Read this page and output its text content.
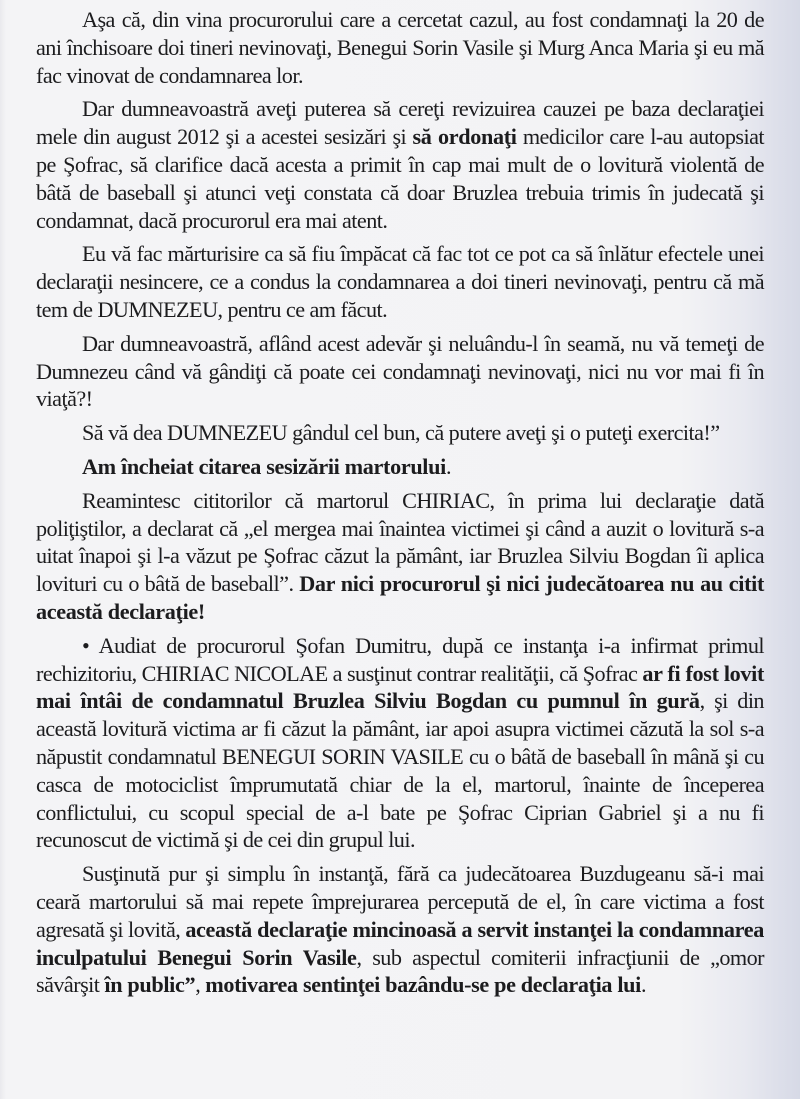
Aşa că, din vina procurorului care a cercetat cazul, au fost condamnaţi la 20 de ani închisoare doi tineri nevinovaţi, Benegui Sorin Vasile şi Murg Anca Maria şi eu mă fac vinovat de condamnarea lor.

Dar dumneavoastră aveţi puterea să cereţi revizuirea cauzei pe baza declaraţiei mele din august 2012 şi a acestei sesizări şi să ordonaţi medicilor care l-au autopsiat pe Şofrac, să clarifice dacă acesta a primit în cap mai mult de o lovitură violentă de bâtă de baseball şi atunci veţi constata că doar Bruzlea trebuia trimis în judecată şi condamnat, dacă procurorul era mai atent.

Eu vă fac mărturisire ca să fiu împăcat că fac tot ce pot ca să înlătur efectele unei declaraţii nesincere, ce a condus la condamnarea a doi tineri nevinovaţi, pentru că mă tem de DUMNEZEU, pentru ce am făcut.

Dar dumneavoastră, aflând acest adevăr şi neluându-l în seamă, nu vă temeţi de Dumnezeu când vă gândiţi că poate cei condamnaţi nevinovaţi, nici nu vor mai fi în viaţă?!

Să vă dea DUMNEZEU gândul cel bun, că putere aveţi şi o puteţi exercita!”

Am încheiat citarea sesizării martorului.

Reamintesc cititorilor că martorul CHIRIAC, în prima lui declaraţie dată poliţiştilor, a declarat că „el mergea mai înaintea victimei şi când a auzit o lovitură s-a uitat înapoi şi l-a văzut pe Şofrac căzut la pământ, iar Bruzlea Silviu Bogdan îi aplica lovituri cu o bâtă de baseball”. Dar nici procurorul şi nici judecătoarea nu au citit această declaraţie!

• Audiat de procurorul Şofan Dumitru, după ce instanţa i-a infirmat primul rechizitoriu, CHIRIAC NICOLAE a susţinut contrar realităţii, că Şofrac ar fi fost lovit mai întâi de condamnatul Bruzlea Silviu Bogdan cu pumnul în gură, şi din această lovitură victima ar fi căzut la pământ, iar apoi asupra victimei căzută la sol s-a năpustit condamnatul BENEGUI SORIN VASILE cu o bâtă de baseball în mână şi cu casca de motociclist împrumutată chiar de la el, martorul, înainte de începerea conflictului, cu scopul special de a-l bate pe Şofrac Ciprian Gabriel şi a nu fi recunoscut de victimă şi de cei din grupul lui.

Susţinută pur şi simplu în instanţă, fără ca judecătoarea Buzdugeanu să-i mai ceară martorului să mai repete împrejurarea percepută de el, în care victima a fost agresată şi lovită, această declaraţie mincinoasă a servit instanţei la condamnarea inculpatului Benegui Sorin Vasile, sub aspectul comiterii infracţiunii de „omor săvârşit în public”, motivarea sentinţei bazându-se pe declaraţia lui.
